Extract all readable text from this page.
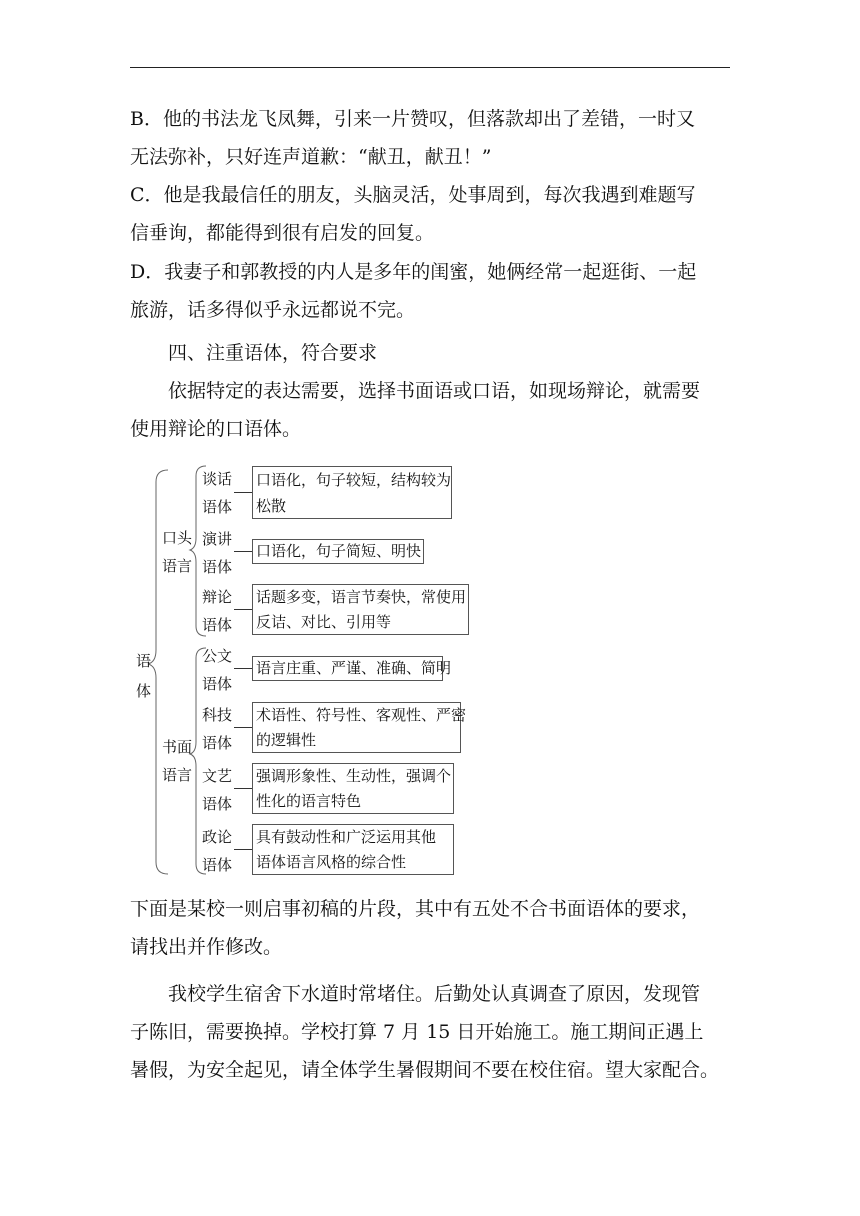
B．他的书法龙飞凤舞，引来一片赞叹，但落款却出了差错，一时又
无法弥补，只好连声道歉：“献丑，献丑！”
C．他是我最信任的朋友，头脑灵活，处事周到，每次我遇到难题写
信垂询，都能得到很有启发的回复。
D．我妻子和郭教授的内人是多年的闺蜜，她俩经常一起逛街、一起
旅游，话多得似乎永远都说不完。
四、注重语体，符合要求
依据特定的表达需要，选择书面语或口语，如现场辩论，就需要
使用辩论的口语体。
语
体
口头
语言
书面
语言
谈话
语体
口语化，句子较短，结构较为
松散
演讲
语体
口语化，句子简短、明快
辩论
语体
话题多变，语言节奏快，常使用
反诘、对比、引用等
公文
语体
语言庄重、严谨、准确、简明
科技
语体
术语性、符号性、客观性、严密
的逻辑性
文艺
语体
强调形象性、生动性，强调个
性化的语言特色
政论
语体
具有鼓动性和广泛运用其他
语体语言风格的综合性
下面是某校一则启事初稿的片段，其中有五处不合书面语体的要求，
请找出并作修改。
我校学生宿舍下水道时常堵住。后勤处认真调查了原因，发现管
子陈旧，需要换掉。学校打算 7 月 15 日开始施工。施工期间正遇上
暑假，为安全起见，请全体学生暑假期间不要在校住宿。望大家配合。
